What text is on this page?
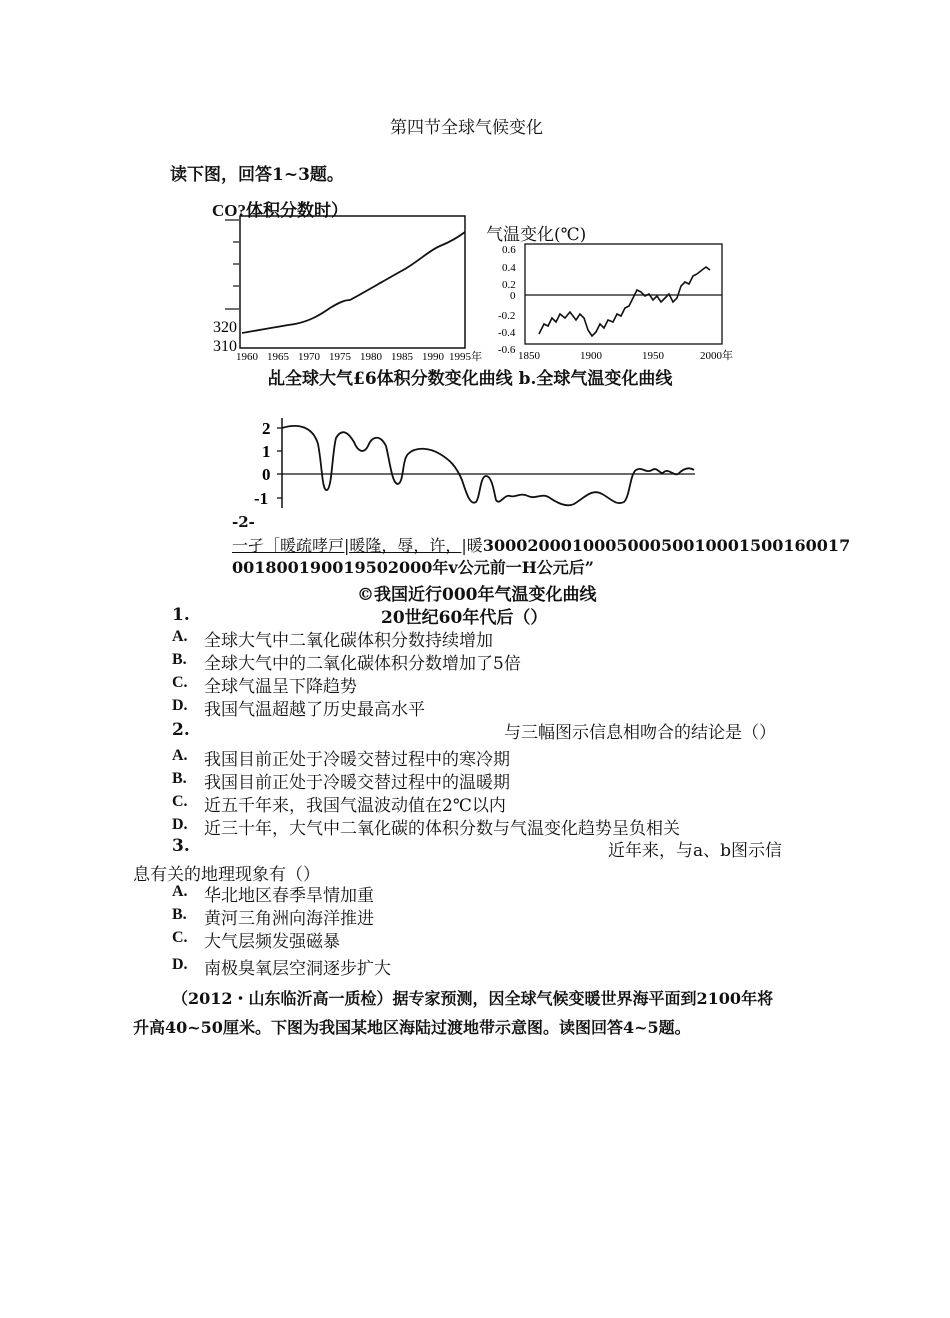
第四节全球气候变化
读下图，回答1~3题。
CO?体积分数时）
320
310
1960 1965 1970 1975 1980 1985 1990 1995年
气温变化(℃)
0.6
0.4
0.2
0
-0.2
-0.4
-0.6 1850	1900	1950	2000年
乩全球大气£6体积分数变化曲线 b.全球气温变化曲线
2
1
0
-1
-2-
一孑［暖疏哮戸|暖隆，辱，许，|暖300020001000500050010001500160017
001800190019502000年v公元前一H公元后”
©我国近行000年气温变化曲线
1.	20世纪60年代后（）
A. 全球大气中二氧化碳体积分数持续增加
B. 全球大气中的二氧化碳体积分数增加了5倍
C. 全球气温呈下降趋势
D. 我国气温超越了历史最高水平
2.	与三幅图示信息相吻合的结论是（）
A. 我国目前正处于冷暖交替过程中的寒冷期
B. 我国目前正处于冷暖交替过程中的温暖期
C. 近五千年来，我国气温波动值在2℃以内
D. 近三十年，大气中二氧化碳的体积分数与气温变化趋势呈负相关
3.	近年来，与a、b图示信
息有关的地理现象有（）
A. 华北地区春季旱情加重
B. 黄河三角洲向海洋推进
C. 大气层频发强磁暴
D. 南极臭氧层空洞逐步扩大
（2012・山东临沂高一质检）据专家预测，因全球气候变暖世界海平面到2100年将
升高40~50厘米。下图为我国某地区海陆过渡地带示意图。读图回答4~5题。
